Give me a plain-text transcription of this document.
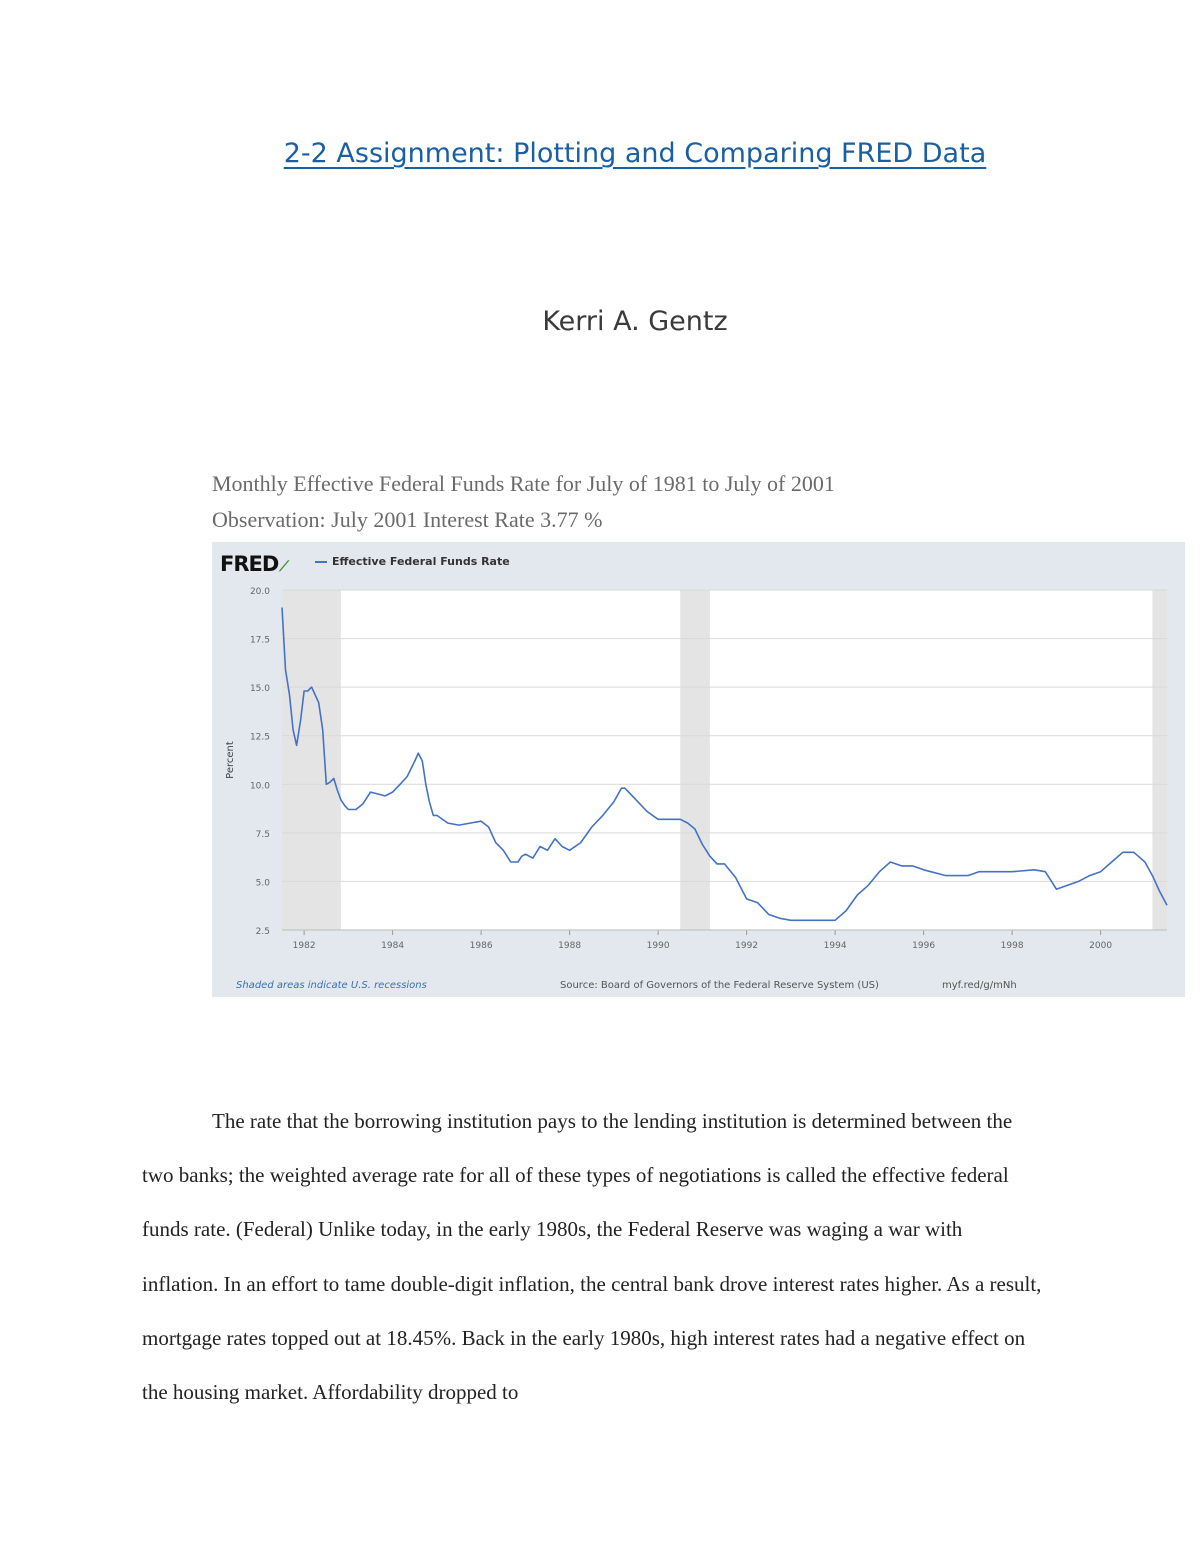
2-2 Assignment: Plotting and Comparing FRED Data
Kerri A. Gentz
Monthly Effective Federal Funds Rate for July of 1981 to July of 2001
Observation: July 2001 Interest Rate 3.77 %
2.5
5.0
7.5
10.0
12.5
15.0
17.5
20.0
1982	1984	1986	1988	1990	1992	1994	1996	1998	2000
Percent
FRED⟋	Effective Federal Funds Rate
Shaded areas indicate U.S. recessions	Source: Board of Governors of the Federal Reserve System (US)	myf.red/g/mNh

The rate that the borrowing institution pays to the lending institution is determined between the two banks; the weighted average rate for all of these types of negotiations is called the effective federal funds rate. (Federal) Unlike today, in the early 1980s, the Federal Reserve was waging a war with inflation. In an effort to tame double-digit inflation, the central bank drove interest rates higher. As a result, mortgage rates topped out at 18.45%. Back in the early 1980s, high interest rates had a negative effect on the housing market. Affordability dropped to
